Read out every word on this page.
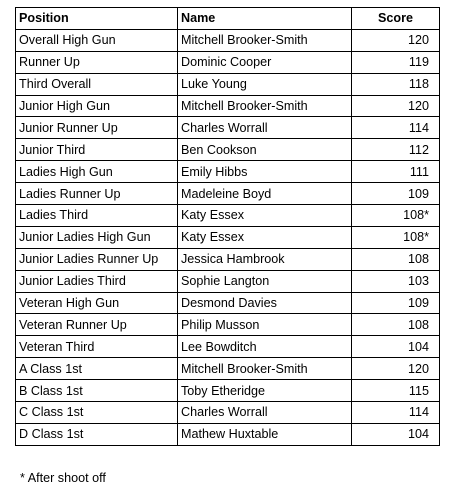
Position	Name	Score
Overall High Gun	Mitchell Brooker-Smith	120
Runner Up	Dominic Cooper	119
Third Overall	Luke Young	118
Junior High Gun	Mitchell Brooker-Smith	120
Junior Runner Up	Charles Worrall	114
Junior Third	Ben Cookson	112
Ladies High Gun	Emily Hibbs	111
Ladies Runner Up	Madeleine Boyd	109
Ladies Third	Katy Essex	108*
Junior Ladies High Gun	Katy Essex	108*
Junior Ladies Runner Up	Jessica Hambrook	108
Junior Ladies Third	Sophie Langton	103
Veteran High Gun	Desmond Davies	109
Veteran Runner Up	Philip Musson	108
Veteran Third	Lee Bowditch	104
A Class 1st	Mitchell Brooker-Smith	120
B Class 1st	Toby Etheridge	115
C Class 1st	Charles Worrall	114
D Class 1st	Mathew Huxtable	104
* After shoot off
